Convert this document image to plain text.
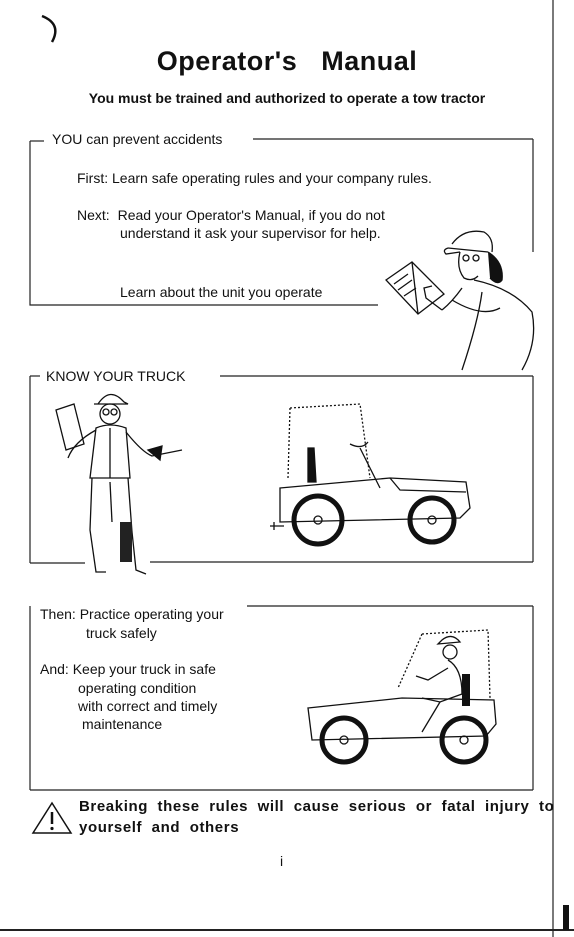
Operator's   Manual
You must be trained and authorized to operate a tow tractor
YOU can prevent accidents
First: Learn safe operating rules and your company rules.
Next: Read your Operator's Manual, if you do not
understand it ask your supervisor for help.
Learn about the unit you operate
KNOW YOUR TRUCK
Then: Practice operating your
truck safely
And: Keep your truck in safe
operating condition
with correct and timely
maintenance
Breaking  these  rules  will  cause  serious  or  fatal  injury  to
yourself  and  others
i
